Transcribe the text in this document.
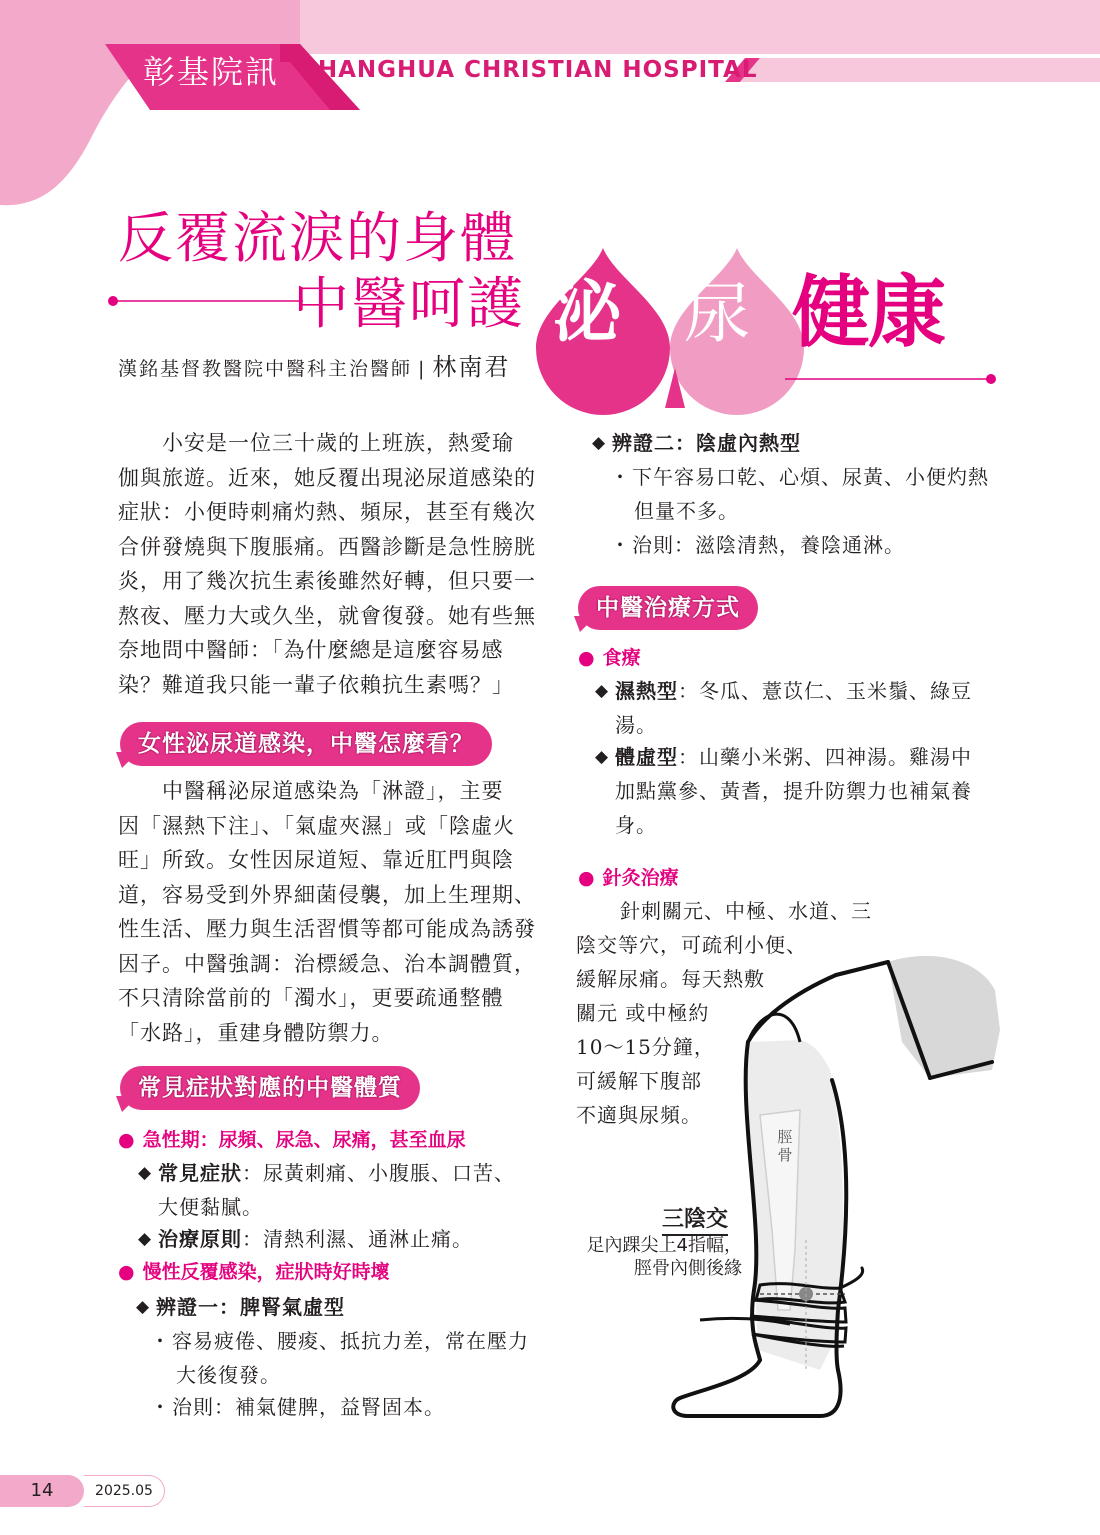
彰基院訊 CHANGHUA CHRISTIAN HOSPITAL
反覆流淚的身體
中醫呵護 泌 尿 健康
漢銘基督教醫院中醫科主治醫師 | 林南君
小安是一位三十歲的上班族，熱愛瑜
伽與旅遊。近來，她反覆出現泌尿道感染的
症狀：小便時刺痛灼熱、頻尿，甚至有幾次
合併發燒與下腹脹痛。西醫診斷是急性膀胱
炎，用了幾次抗生素後雖然好轉，但只要一
熬夜、壓力大或久坐，就會復發。她有些無
奈地問中醫師：「為什麼總是這麼容易感
染？難道我只能一輩子依賴抗生素嗎？」
女性泌尿道感染，中醫怎麼看？
中醫稱泌尿道感染為「淋證」，主要
因「濕熱下注」、「氣虛夾濕」或「陰虛火
旺」所致。女性因尿道短、靠近肛門與陰
道，容易受到外界細菌侵襲，加上生理期、
性生活、壓力與生活習慣等都可能成為誘發
因子。中醫強調：治標緩急、治本調體質，
不只清除當前的「濁水」，更要疏通整體
「水路」，重建身體防禦力。
常見症狀對應的中醫體質
● 急性期：尿頻、尿急、尿痛，甚至血尿
◆ 常見症狀：尿黃刺痛、小腹脹、口苦、
大便黏膩。
◆ 治療原則：清熱利濕、通淋止痛。
● 慢性反覆感染，症狀時好時壞
◆ 辨證一：脾腎氣虛型
・ 容易疲倦、腰痠、抵抗力差，常在壓力
大後復發。
・ 治則：補氣健脾，益腎固本。
◆ 辨證二：陰虛內熱型
・ 下午容易口乾、心煩、尿黃、小便灼熱
但量不多。
・ 治則：滋陰清熱，養陰通淋。
中醫治療方式
● 食療
◆ 濕熱型：冬瓜、薏苡仁、玉米鬚、綠豆
湯。
◆ 體虛型：山藥小米粥、四神湯。雞湯中
加點黨參、黃耆，提升防禦力也補氣養
身。
● 針灸治療
針刺關元、中極、水道、三
陰交等穴，可疏利小便、
緩解尿痛。每天熱敷
關元 或中極約
10～15分鐘，
可緩解下腹部
不適與尿頻。
脛骨
三陰交
足內踝尖上4指幅，
脛骨內側後緣
14	2025.05
